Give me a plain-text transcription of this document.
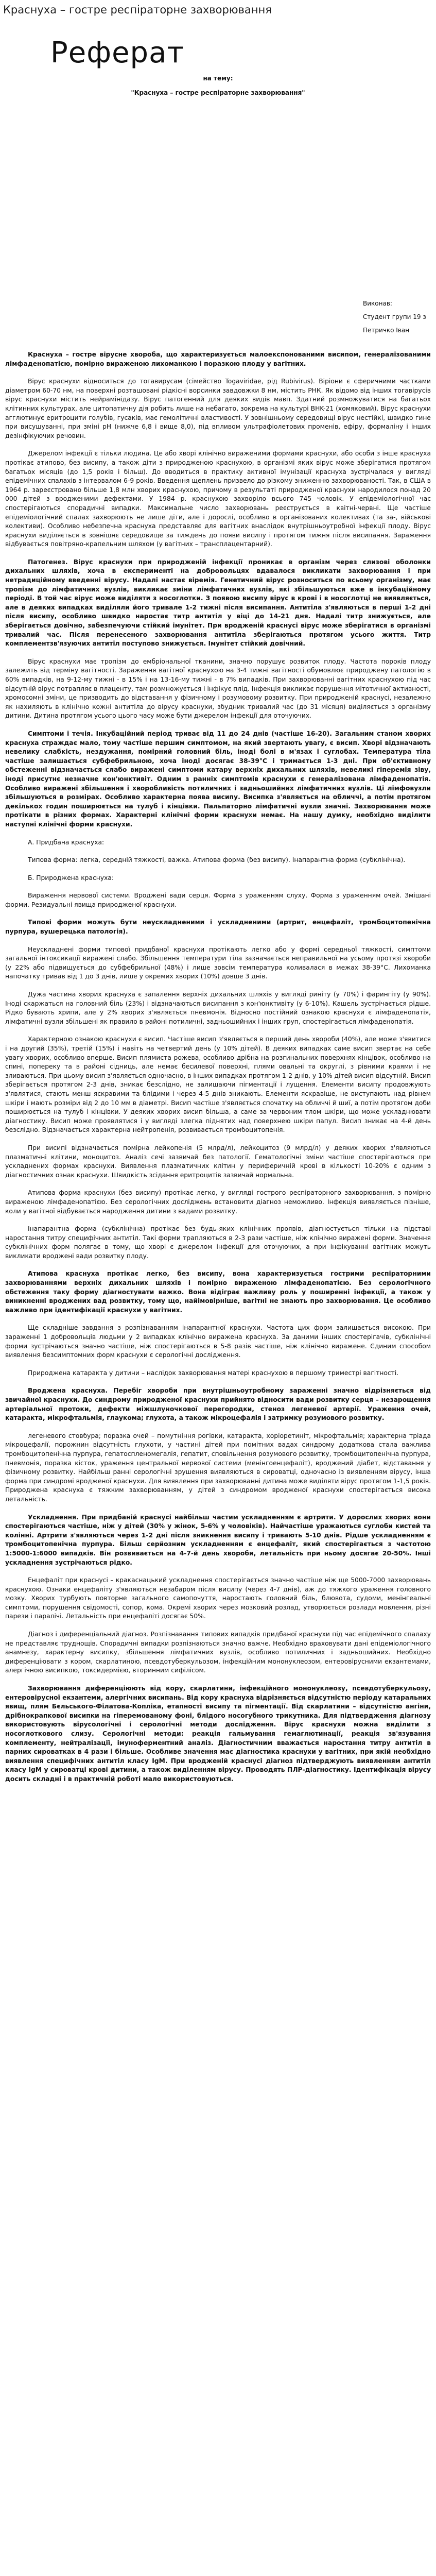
Краснуха – гостре респіраторне захворювання
Реферат
на тему:
"Краснуха – гостре респіраторне захворювання"
Виконав:
Студент групи 19 з
Петричко Іван

Краснуха – гостре вірусне хвороба, що характеризується малоекспонованими висипом, генералізованими лімфаденопатією, помірно вираженою лихоманкою і поразкою плоду у вагітних.

Вірус краснухи відноситься до тогавирусам (сімейство Togaviridae, рід Rubivirus). Віріони є сферичними частками діаметром 60-70 нм, на поверхні розташовані рідкісні ворсинки завдовжки 8 нм, містить РНК. Як відомо від інших тогавірусів вірус краснухи містить нейрамінідазу. Вірус патогенний для деяких видів мавп. Здатний розмножуватися на багатьох клітинних культурах, але цитопатичну дія робить лише на небагато, зокрема на культурі BHK-21 (хомяковий). Вірус краснухи агглютинує еритроцити голубів, гусаків, має гемолітичні властивості. У зовнішньому середовищі вірус нестійкі, швидко гине при висушуванні, при зміні рН (нижче 6,8 і вище 8,0), під впливом ультрафіолетових променів, ефіру, формаліну і інших дезінфікуючих речовин.

Джерелом інфекції є тільки людина. Це або хворі клінічно вираженими формами краснухи, або особи з інше краснуха протікає атипово, без висипу, а також діти з природженою краснухою, в організмі яких вірус може зберігатися протягом багатьох місяців (до 1,5 років і більш). До вводиться в практику активної імунізації краснуха зустрічалася у вигляді епідемічних спалахів з інтервалом 6-9 років. Введення щеплень призвело до різкому зниженню захворюваності. Так, в США в 1964 р. зареєстровано більше 1,8 млн хворих краснухою, причому в результаті природженої краснухи народилося понад 20 000 дітей з вродженими дефектами. У 1984 р. краснухою захворіло всього 745 чоловік. У епідеміологічної час спостерігаються спорадичні випадки. Максимальне число захворювань реєструється в квітні-червні. Ще частіше епідеміологічний спалах захворюють не лише діти, але і дорослі, особливо в організованих колективах (та за-, військові колективи). Особливо небезпечна краснуха представляє для вагітних внаслідок внутрішньоутробної інфекції плоду. Вірус краснухи виділяється в зовнішнє середовище за тиждень до появи висипу і протягом тижня після висипання. Зараження відбувається повітряно-крапельним шляхом (у вагітних – трансплацентарний).

Патогенез. Вірус краснухи при природженій інфекції проникає в організм через слизові оболонки дихальних шляхів, хоча в експерименті на добровольцях вдавалося викликати захворювання і при нетрадиційному введенні вірусу. Надалі настає віремія. Генетичний вірус розноситься по всьому організму, має тропізм до лімфатичних вузлів, викликає зміни лімфатичних вузлів, які збільшуються вже в інкубаційному періоді. В той час вірус може виділяти з носоглотки. З появою висипу вірус в крові і в носоглотці не виявляється, але в деяких випадках виділяли його тривале 1-2 тижні після висипання. Антитіла з'являються в перші 1-2 дні після висипу, особливо швидко наростає титр антитіл у віці до 14-21 дня. Надалі титр знижується, але зберігається довічно, забезпечуючи стійкий імунітет. При вродженій краснусі вірус може зберігатися в організмі тривалий час. Після перенесеного захворювання антитіла зберігаються протягом усього життя. Титр комплементзв'язуючих антитіл поступово знижується. Імунітет стійкий довічний.

Вірус краснухи має тропізм до ембріональної тканини, значно порушує розвиток плоду. Частота пороків плоду залежить від терміну вагітності. Зараження вагітної краснухою на 3-4 тижні вагітності обумовлює природжену патологію в 60% випадків, на 9-12-му тижні - в 15% і на 13-16-му тижні - в 7% випадків. При захворюванні вагітних краснухою під час відсутній вірус потрапляє в плаценту, там розмножується і інфікує плід. Інфекція викликає порушення мітотичної активності, хромосомні зміни, це призводить до відставання у фізичному і розумовому розвитку. При природженій краснусі, незалежно як нахиляють в клінічно кожні антитіла до вірусу краснухи, збудник тривалий час (до 31 місяця) виділяється з організму дитини. Дитина протягом усього цього часу може бути джерелом інфекції для оточуючих.

Симптоми і течія. Інкубаційний період триває від 11 до 24 днів (частіше 16-20). Загальним станом хворих краснуха страждає мало, тому частіше першим симптомом, на який звертають увагу, є висип. Хворі відзначають невелику слабкість, нездужання, помірний головний біль, іноді болі в м'язах і суглобах. Температура тіла частіше залишається субфебрильною, хоча іноді досягає 38-39°С і тримається 1-3 дні. При об'єктивному обстеженні відзначається слабо виражені симптоми катару верхніх дихальних шляхів, невеликі гіперемія зіву, іноді присутнє незначне кон'юнктивіт. Одним з ранніх симптомів краснухи є генералізована лімфаденопатія. Особливо виражені збільшення і хворобливість потиличних і задньошийних лімфатичних вузлів. Ці лімфовузли збільшуються в розмірах. Особливо характерна поява висипу. Висипка з'являється на обличчі, а потім протягом декількох годин поширюється на тулуб і кінцівки. Пальпаторно лімфатичні вузли значні. Захворювання може протікати в різних формах. Характерні клінічні форми краснухи немає. На нашу думку, необхідно виділити наступні клінічні форми краснухи.

А. Придбана краснуха:

Типова форма: легка, середній тяжкості, важка. Атипова форма (без висипу). Інапарантна форма (субклінічна).

Б. Природжена краснуха:

Вираження нервової системи. Вроджені вади серця. Форма з ураженням слуху. Форма з ураженням очей. Змішані форми. Резидуальні явища природженої краснухи.

Типові форми можуть бути неускладненими і ускладненими (артрит, енцефаліт, тромбоцитопенічна пурпура, вушерецька патологія).

Неускладнені форми типової придбаної краснухи протікають легко або у формі середньої тяжкості, симптоми загальної інтоксикації виражені слабо. Збільшення температури тіла зазначається неправильної на усьому протязі хвороби (у 22% або підвищується до субфебрильної (48%) і лише зовсім температура коливалася в межах 38-39°С. Лихоманка напочатку тривав від 1 до 3 днів, лише у окремих хворих (10%) довше 3 днів.

Дужа частина хворих краснуха є запалення верхніх дихальних шляхів у вигляді риніту (у 70%) і фарингіту (у 90%). Іноді скаржаться на головний біль (23%) і відзначаються висипання з кон'юнктивіту (у 6-10%). Кашель зустрічається рідше. Рідко бувають хрипи, але у 2% хворих з'являється пневмонія. Відносно постійний ознакою краснухи є лімфаденопатія, лімфатичні вузли збільшені як правило в районі потиличні, задньошийних і інших груп, спостерігається лімфаденопатія.

Характерною ознакою краснухи є висип. Частіше висип з'являється в перший день хвороби (40%), але може з'явитися і на другий (35%), третій (15%) і навіть на четвертий день (у 10% дітей). В деяких випадках саме висип звертає на себе увагу хворих, особливо вперше. Висип плямиста рожева, особливо дрібна на розгинальних поверхнях кінцівок, особливо на спині, попереку та в районі сідниць, але немає бесилевої поверхні, плями овальні та округлі, з рівними краями і не зливаються. При цьому висип з'являється одночасно, в інших випадках протягом 1-2 днів, у 10% дітей висип відсутній. Висип зберігається протягом 2-3 днів, зникає безслідно, не залишаючи пігментації і лущення. Елементи висипу продовжують з'являтися, стають менш яскравими та блідими і через 4-5 днів зникають. Елементи яскравіше, не виступають над рівнем шкіри і мають розміри від 2 до 10 мм в діаметрі. Висип частіше з'являється спочатку на обличчі й шиї, а потім протягом доби поширюється на тулуб і кінцівки. У деяких хворих висип більша, а саме за червоним тлом шкіри, що може ускладнювати діагностику. Висип може проявлятися і у вигляді злегка піднятих над поверхнею шкіри папул. Висип зникає на 4-й день безслідно. Відзначається характерна нейтропенія, розвивається тромбоцитопенія.

При висипі відзначається помірна лейкопенія (5 млрд/л), лейкоцитоз (9 млрд/л) у деяких хворих з'являються плазматичні клітини, моноцитоз. Аналіз сечі зазвичай без патології. Гематологічні зміни частіше спостерігаються при ускладнених формах краснухи. Виявлення плазматичних клітин у периферичній крові в кількості 10-20% є одним з діагностичних ознак краснухи. Швидкість зсідання еритроцитів зазвичай нормальна.

Атипова форма краснухи (без висипу) протікає легко, у вигляді гострого респіраторного захворювання, з помірно вираженою лімфаденопатією. Без серологічних досліджень встановити діагноз неможливо. Інфекція виявляється пізніше, коли у вагітної відбувається народження дитини з вадами розвитку.

Інапарантна форма (субклінічна) протікає без будь-яких клінічних проявів, діагностується тільки на підставі наростання титру специфічних антитіл. Такі форми трапляються в 2-3 рази частіше, ніж клінічно виражені форми. Значення субклінічних форм полягає в тому, що хворі є джерелом інфекції для оточуючих, а при інфікуванні вагітних можуть викликати вроджені вади розвитку плоду.

Атипова краснуха протікає легко, без висипу, вона характеризується гострими респіраторними захворюваннями верхніх дихальних шляхів і помірно вираженою лімфаденопатією. Без серологічного обстеження таку форму діагностувати важко. Вона відіграє важливу роль у поширенні інфекції, а також у виникненні вроджених вад розвитку, тому що, найімовірніше, вагітні не знають про захворювання. Це особливо важливо при ідентифікації краснухи у вагітних.

Ще складніше завдання з розпізнаванням інапарантної краснухи. Частота цих форм залишається високою. При зараженні 1 добровольців людьми у 2 випадках клінічно виражена краснуха. За даними інших спостерігачів, субклінічні форми зустрічаються значно частіше, ніж спостерігаються в 5-8 разів частіше, ніж клінічно виражене. Єдиним способом виявлення безсимптомних форм краснухи є серологічні дослідження.

Природжена катаракта у дитини – наслідок захворювання матері краснухою в першому триместрі вагітності.

Вроджена краснуха. Перебіг хвороби при внутрішньоутробному зараженні значно відрізняється від звичайної краснухи. До синдрому природженої краснухи прийнято відносити вади розвитку серця – незарощення артеріальної протоки, дефекти міжшлуночкової перегородки, стеноз легеневої артерії. Ураження очей, катаракта, мікрофтальмія, глаукома; глухота, а також мікроцефалія і затримку розумового розвитку.

легеневого стовбура; поразка очей – помутніння рогівки, катаракта, хоріоретиніт, мікрофтальмія; характерна тріада мікроцефалії, порожнин відсутність глухоти, у частині дітей при помітних вадах синдрому додаткова стала важлива тромбоцитопенічна пурпура, гепатоспленомегалія, гепатит, сповільнення розумового розвитку, тромбоцитопенічна пурпура, пневмонія, поразка кісток, ураження центральної нервової системи (менінгоенцефаліт), вроджений діабет, відставання у фізичному розвитку. Найбільш ранні серологічні зрушення виявляються в сироватці, одночасно із виявленням вірусу, інша форма при синдромі вродженої краснухи. Для виявлення при захворюванні дитина може виділяти вірус протягом 1-1,5 років. Природжена краснуха є тяжким захворюванням, у дітей з синдромом вродженої краснухи спостерігається висока летальність.

Ускладнення. При придбаній краснусі найбільш частим ускладненням є артрити. У дорослих хворих вони спостерігаються частіше, ніж у дітей (30% у жінок, 5-6% у чоловіків). Найчастіше уражаються суглоби кистей та колінні. Артрити з'являються через 1-2 дні після зникнення висипу і тривають 5-10 днів. Рідше ускладненням є тромбоцитопенічна пурпура. Більш серйозним ускладненням є енцефаліт, який спостерігається з частотою 1:5000-1:6000 випадків. Він розвивається на 4-7-й день хвороби, летальність при ньому досягає 20-50%. Інші ускладнення зустрічаються рідко.

Енцефаліт при краснусі – кракаснацький ускладнення спостерігається значно частіше ніж ще 5000-7000 захворювань краснухою. Ознаки енцефаліту з'являються незабаром після висипу (через 4-7 днів), аж до тяжкого ураження головного мозку. Хворих турбують повторне загального самопочуття, наростають головний біль, блювота, судоми, менінгеальні симптоми, порушення свідомості, сопор, кома. Окремі хворих через мозковий розлад, утворюється розлади мовлення, різні парези і паралічі. Летальність при енцефаліті досягає 50%.

Діагноз і диференціальний діагноз. Розпізнавання типових випадків придбаної краснухи під час епідемічного спалаху не представляє труднощів. Спорадичні випадки розпізнаються значно важче. Необхідно враховувати дані епідеміологічного анамнезу, характерну висипку, збільшення лімфатичних вузлів, особливо потиличних і задньошийних. Необхідно диференціювати з кором, скарлатиною, псевдотуберкульозом, інфекційним мононуклеозом, ентеровірусними екзантемами, алергічною висипкою, токсидермією, вторинним сифілісом.

Захворювання диференціюють від кору, скарлатини, інфекційного мононуклеозу, псевдотуберкульозу, ентеровірусної екзантеми, алергічних висипань. Від кору краснуха відрізняється відсутністю періоду катаральних явищ, плям Бєльського-Філатова-Копліка, етапності висипу та пігментації. Від скарлатини – відсутністю ангіни, дрібнокрапкової висипки на гіперемованому фоні, блідого носогубного трикутника. Для підтвердження діагнозу використовують вірусологічні і серологічні методи дослідження. Вірус краснухи можна виділити з носоглоткового слизу. Серологічні методи: реакція гальмування гемаглютинації, реакція зв'язування комплементу, нейтралізації, імуноферментний аналіз. Діагностичним вважається наростання титру антитіл в парних сироватках в 4 рази і більше. Особливе значення має діагностика краснухи у вагітних, при якій необхідно виявлення специфічних антитіл класу IgM. При вродженій краснусі діагноз підтверджують виявленням антитіл класу IgM у сироватці крові дитини, а також виділенням вірусу. Проводять ПЛР-діагностику. Ідентифікація вірусу досить складні і в практичній роботі мало використовуються.
